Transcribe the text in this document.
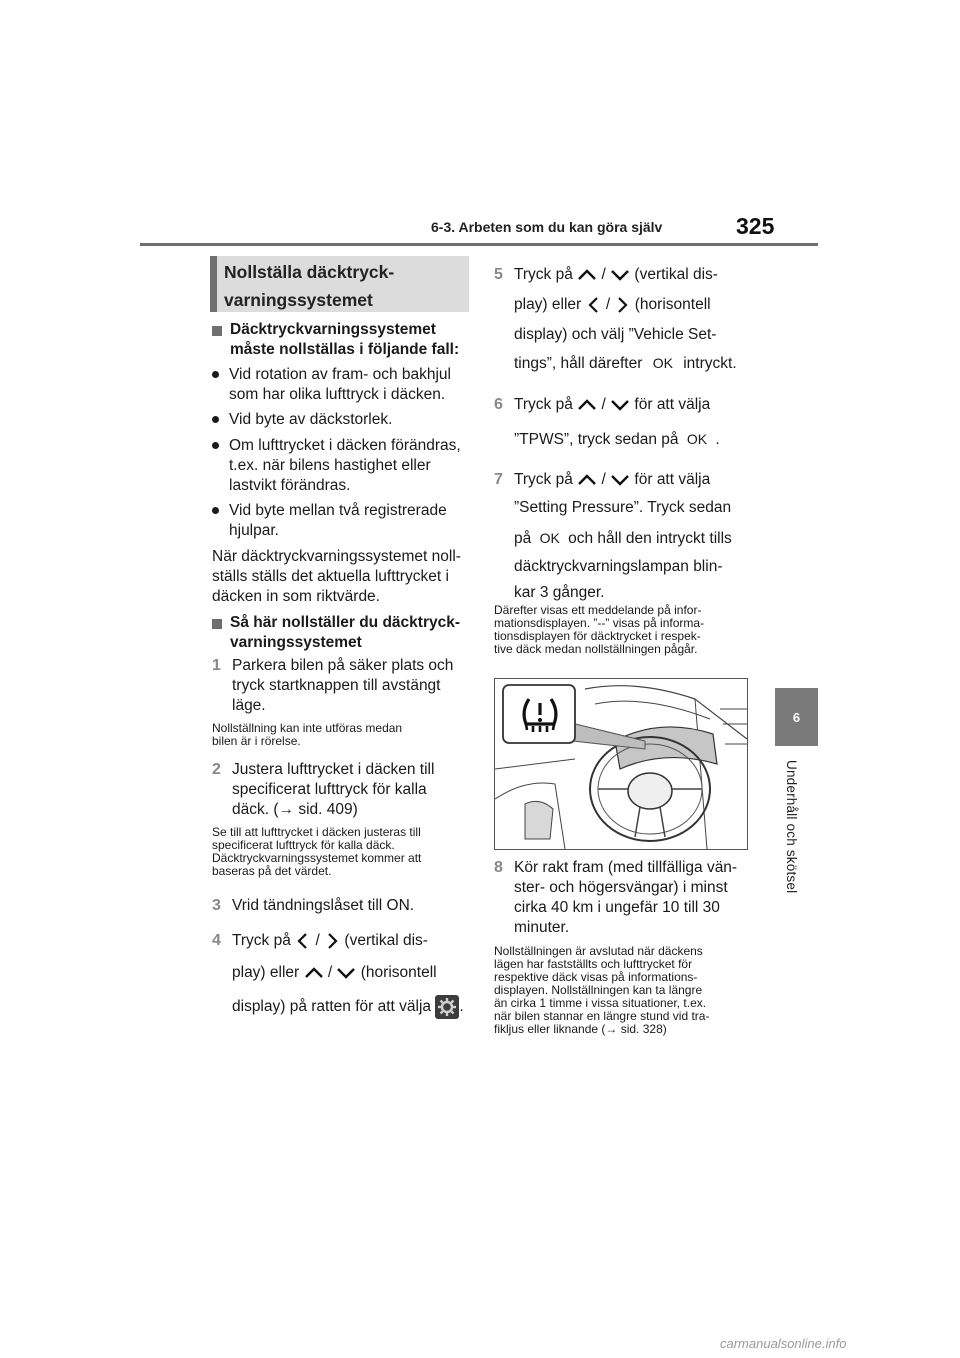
6-3. Arbeten som du kan göra själv	325
6
Underhåll och skötsel
Nollställa däcktryck-
varningssystemet
Däcktryckvarningssystemet
måste nollställas i följande fall:
Vid rotation av fram- och bakhjul
som har olika lufttryck i däcken.
Vid byte av däckstorlek.
Om lufttrycket i däcken förändras,
t.ex. när bilens hastighet eller
lastvikt förändras.
Vid byte mellan två registrerade
hjulpar.
När däcktryckvarningssystemet noll-
ställs ställs det aktuella lufttrycket i
däcken in som riktvärde.
Så här nollställer du däcktryck-
varningssystemet
1 Parkera bilen på säker plats och
tryck startknappen till avstängt
läge.
Nollställning kan inte utföras medan
bilen är i rörelse.
2 Justera lufttrycket i däcken till
specificerat lufttryck för kalla
däck. (→ sid. 409)
Se till att lufttrycket i däcken justeras till
specificerat lufttryck för kalla däck.
Däcktryckvarningssystemet kommer att
baseras på det värdet.
3 Vrid tändningslåset till ON.
4 Tryck på / (vertikal dis-
play) eller / (horisontell
display) på ratten för att välja .
5 Tryck på / (vertikal dis-
play) eller / (horisontell
display) och välj ”Vehicle Set-
tings”, håll därefter OK intryckt.
6 Tryck på / för att välja
”TPWS”, tryck sedan på OK .
7 Tryck på / för att välja
”Setting Pressure”. Tryck sedan
på OK och håll den intryckt tills
däcktryckvarningslampan blin-
kar 3 gånger.
Därefter visas ett meddelande på infor-
mationsdisplayen. ”--” visas på informa-
tionsdisplayen för däcktrycket i respek-
tive däck medan nollställningen pågår.
8 Kör rakt fram (med tillfälliga vän-
ster- och högersvängar) i minst
cirka 40 km i ungefär 10 till 30
minuter.
Nollställningen är avslutad när däckens
lägen har fastställts och lufttrycket för
respektive däck visas på informations-
displayen. Nollställningen kan ta längre
än cirka 1 timme i vissa situationer, t.ex.
när bilen stannar en längre stund vid tra-
fikljus eller liknande (→ sid. 328)
carmanualsonline.info
